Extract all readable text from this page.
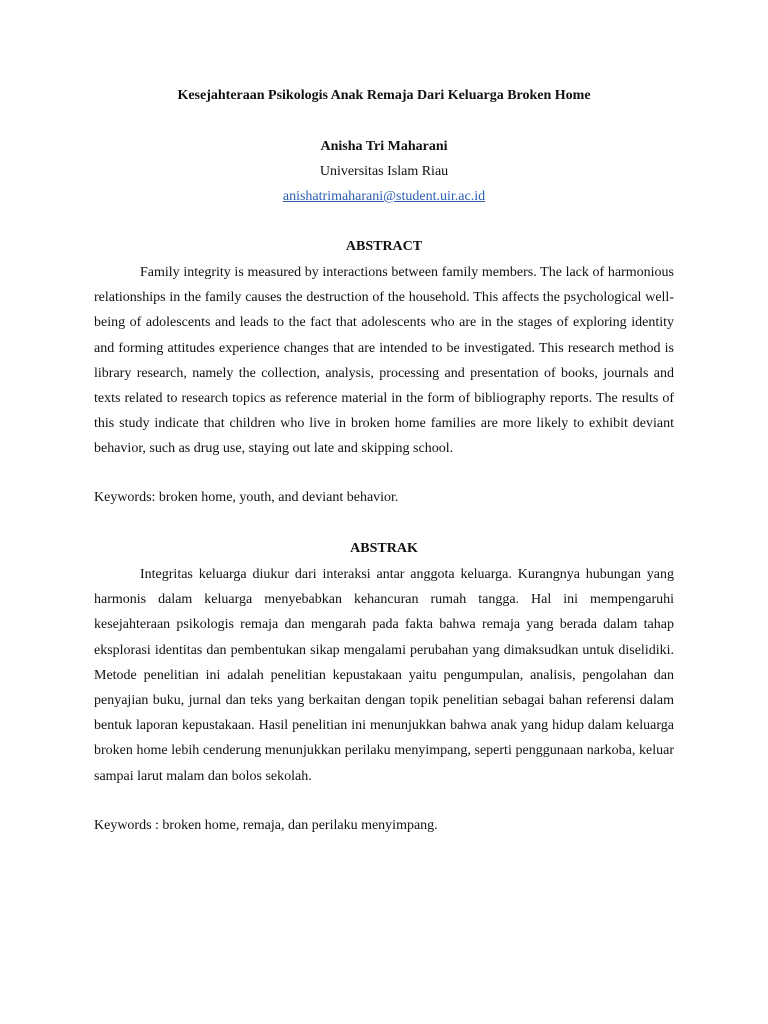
Kesejahteraan Psikologis Anak Remaja Dari Keluarga Broken Home
Anisha Tri Maharani
Universitas Islam Riau
anishatrimaharani@student.uir.ac.id
ABSTRACT

Family integrity is measured by interactions between family members. The lack of harmonious relationships in the family causes the destruction of the household. This affects the psychological well-being of adolescents and leads to the fact that adolescents who are in the stages of exploring identity and forming attitudes experience changes that are intended to be investigated. This research method is library research, namely the collection, analysis, processing and presentation of books, journals and texts related to research topics as reference material in the form of bibliography reports. The results of this study indicate that children who live in broken home families are more likely to exhibit deviant behavior, such as drug use, staying out late and skipping school.

Keywords: broken home, youth, and deviant behavior.

ABSTRAK

Integritas keluarga diukur dari interaksi antar anggota keluarga. Kurangnya hubungan yang harmonis dalam keluarga menyebabkan kehancuran rumah tangga. Hal ini mempengaruhi kesejahteraan psikologis remaja dan mengarah pada fakta bahwa remaja yang berada dalam tahap eksplorasi identitas dan pembentukan sikap mengalami perubahan yang dimaksudkan untuk diselidiki. Metode penelitian ini adalah penelitian kepustakaan yaitu pengumpulan, analisis, pengolahan dan penyajian buku, jurnal dan teks yang berkaitan dengan topik penelitian sebagai bahan referensi dalam bentuk laporan kepustakaan. Hasil penelitian ini menunjukkan bahwa anak yang hidup dalam keluarga broken home lebih cenderung menunjukkan perilaku menyimpang, seperti penggunaan narkoba, keluar sampai larut malam dan bolos sekolah.

Keywords : broken home, remaja, dan perilaku menyimpang.
